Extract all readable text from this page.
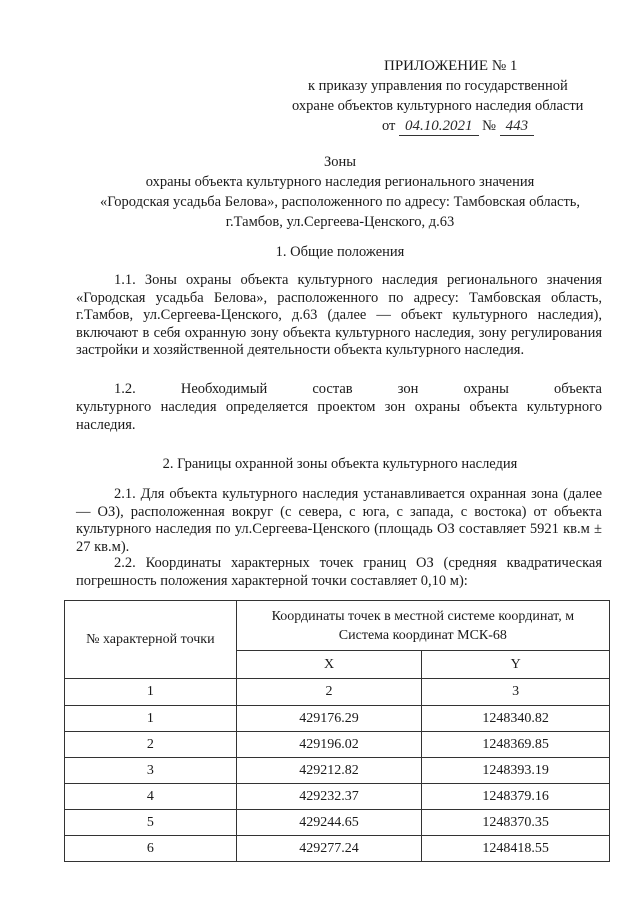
ПРИЛОЖЕНИЕ № 1
к приказу управления по государственной
охране объектов культурного наследия области
от 04.10.2021 № 443
Зоны
охраны объекта культурного наследия регионального значения
«Городская усадьба Белова», расположенного по адресу: Тамбовская область,
г.Тамбов, ул.Сергеева-Ценского, д.63
1. Общие положения
1.1. Зоны охраны объекта культурного наследия регионального значения «Городская усадьба Белова», расположенного по адресу: Тамбовская область, г.Тамбов, ул.Сергеева-Ценского, д.63 (далее — объект культурного наследия), включают в себя охранную зону объекта культурного наследия, зону регулирования застройки и хозяйственной деятельности объекта культурного наследия.
1.2. Необходимый состав зон охраны объекта
культурного наследия определяется проектом зон охраны объекта культурного наследия.
2. Границы охранной зоны объекта культурного наследия
2.1. Для объекта культурного наследия устанавливается охранная зона (далее — ОЗ), расположенная вокруг (с севера, с юга, с запада, с востока) от объекта культурного наследия по ул.Сергеева-Ценского (площадь ОЗ составляет 5921 кв.м ± 27 кв.м).
2.2. Координаты характерных точек границ ОЗ (средняя квадратическая погрешность положения характерной точки составляет 0,10 м):
№ характерной точки	Координаты точек в местной системе координат, м
Система координат МСК-68	

	X	Y
1	2	3
1	429176.29	1248340.82
2	429196.02	1248369.85
3	429212.82	1248393.19
4	429232.37	1248379.16
5	429244.65	1248370.35
6	429277.24	1248418.55
